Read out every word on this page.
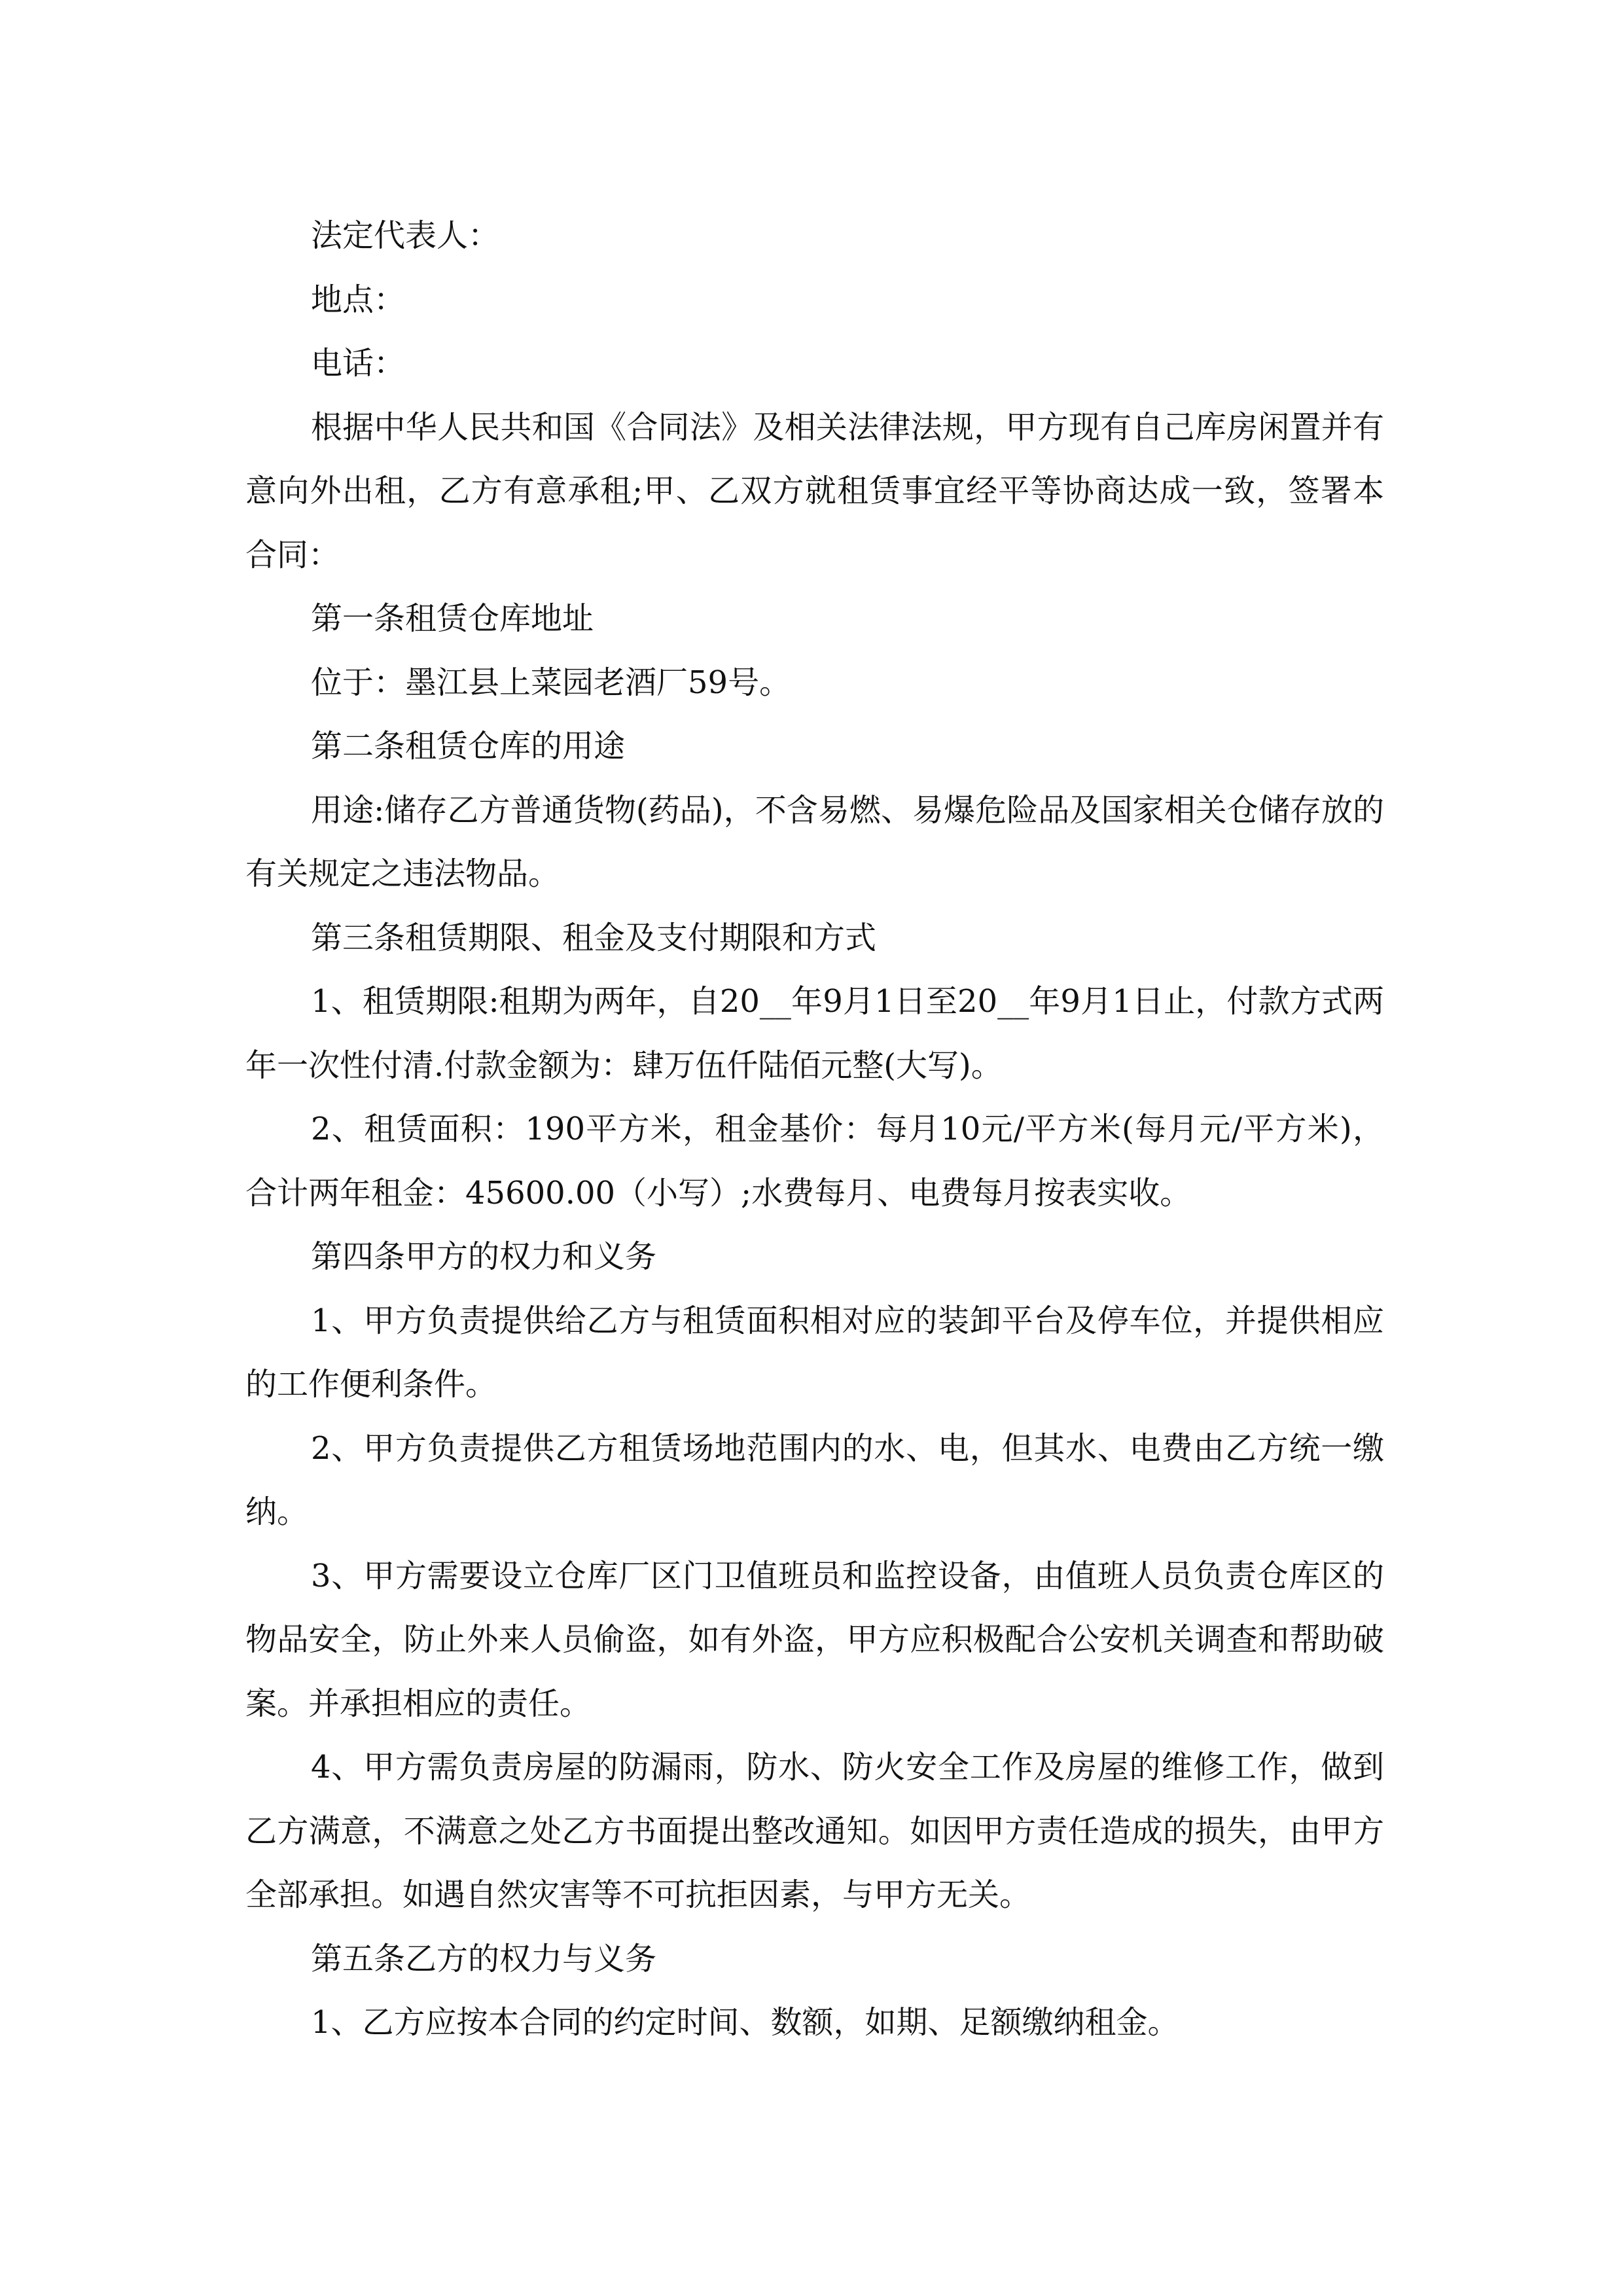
法定代表人：

地点：

电话：

根据中华人民共和国《合同法》及相关法律法规，甲方现有自己库房闲置并有意向外出租，乙方有意承租;甲、乙双方就租赁事宜经平等协商达成一致，签署本合同：

第一条租赁仓库地址

位于：墨江县上菜园老酒厂59号。

第二条租赁仓库的用途

用途:储存乙方普通货物(药品)，不含易燃、易爆危险品及国家相关仓储存放的有关规定之违法物品。

第三条租赁期限、租金及支付期限和方式

1、租赁期限:租期为两年，自20__年9月1日至20__年9月1日止，付款方式两年一次性付清.付款金额为：肆万伍仟陆佰元整(大写)。

2、租赁面积：190平方米，租金基价：每月10元/平方米(每月元/平方米)，合计两年租金：45600.00（小写）;水费每月、电费每月按表实收。

第四条甲方的权力和义务

1、甲方负责提供给乙方与租赁面积相对应的装卸平台及停车位，并提供相应的工作便利条件。

2、甲方负责提供乙方租赁场地范围内的水、电，但其水、电费由乙方统一缴纳。

3、甲方需要设立仓库厂区门卫值班员和监控设备，由值班人员负责仓库区的物品安全，防止外来人员偷盗，如有外盗，甲方应积极配合公安机关调查和帮助破案。并承担相应的责任。

4、甲方需负责房屋的防漏雨，防水、防火安全工作及房屋的维修工作，做到乙方满意，不满意之处乙方书面提出整改通知。如因甲方责任造成的损失，由甲方全部承担。如遇自然灾害等不可抗拒因素，与甲方无关。

第五条乙方的权力与义务

1、乙方应按本合同的约定时间、数额，如期、足额缴纳租金。
